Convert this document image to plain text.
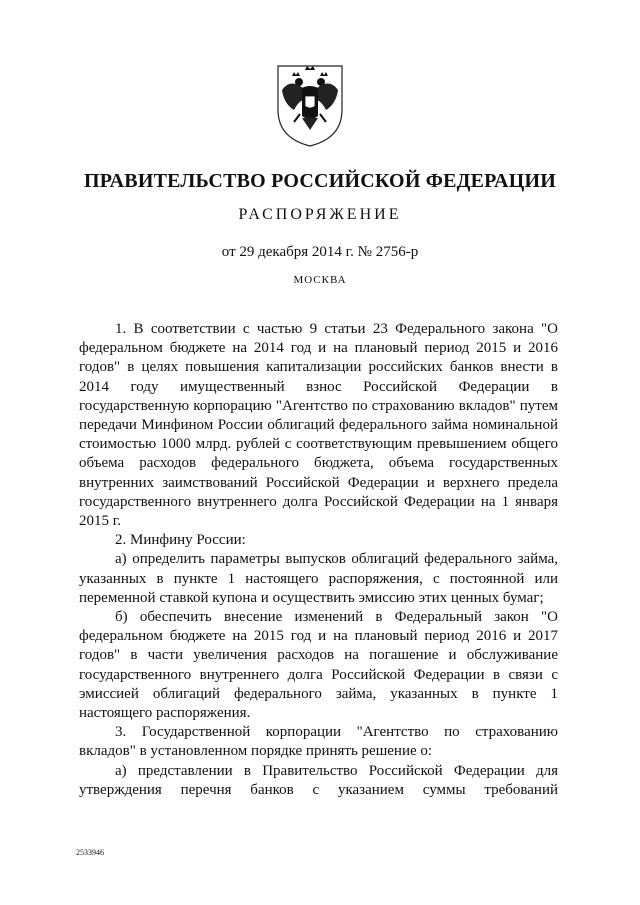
ПРАВИТЕЛЬСТВО РОССИЙСКОЙ ФЕДЕРАЦИИ
РАСПОРЯЖЕНИЕ
от 29 декабря 2014 г. № 2756-р
МОСКВА

1. В соответствии с частью 9 статьи 23 Федерального закона "О федеральном бюджете на 2014 год и на плановый период 2015 и 2016 годов" в целях повышения капитализации российских банков внести в 2014 году имущественный взнос Российской Федерации в государственную корпорацию "Агентство по страхованию вкладов" путем передачи Минфином России облигаций федерального займа номинальной стоимостью 1000 млрд. рублей с соответствующим превышением общего объема расходов федерального бюджета, объема государственных внутренних заимствований Российской Федерации и верхнего предела государственного внутреннего долга Российской Федерации на 1 января 2015 г.

2. Минфину России:

а) определить параметры выпусков облигаций федерального займа, указанных в пункте 1 настоящего распоряжения, с постоянной или переменной ставкой купона и осуществить эмиссию этих ценных бумаг;

б) обеспечить внесение изменений в Федеральный закон "О федеральном бюджете на 2015 год и на плановый период 2016 и 2017 годов" в части увеличения расходов на погашение и обслуживание государственного внутреннего долга Российской Федерации в связи с эмиссией облигаций федерального займа, указанных в пункте 1 настоящего распоряжения.

3. Государственной корпорации "Агентство по страхованию вкладов" в установленном порядке принять решение о:

а) представлении в Правительство Российской Федерации для утверждения перечня банков с указанием суммы требований

2533946
